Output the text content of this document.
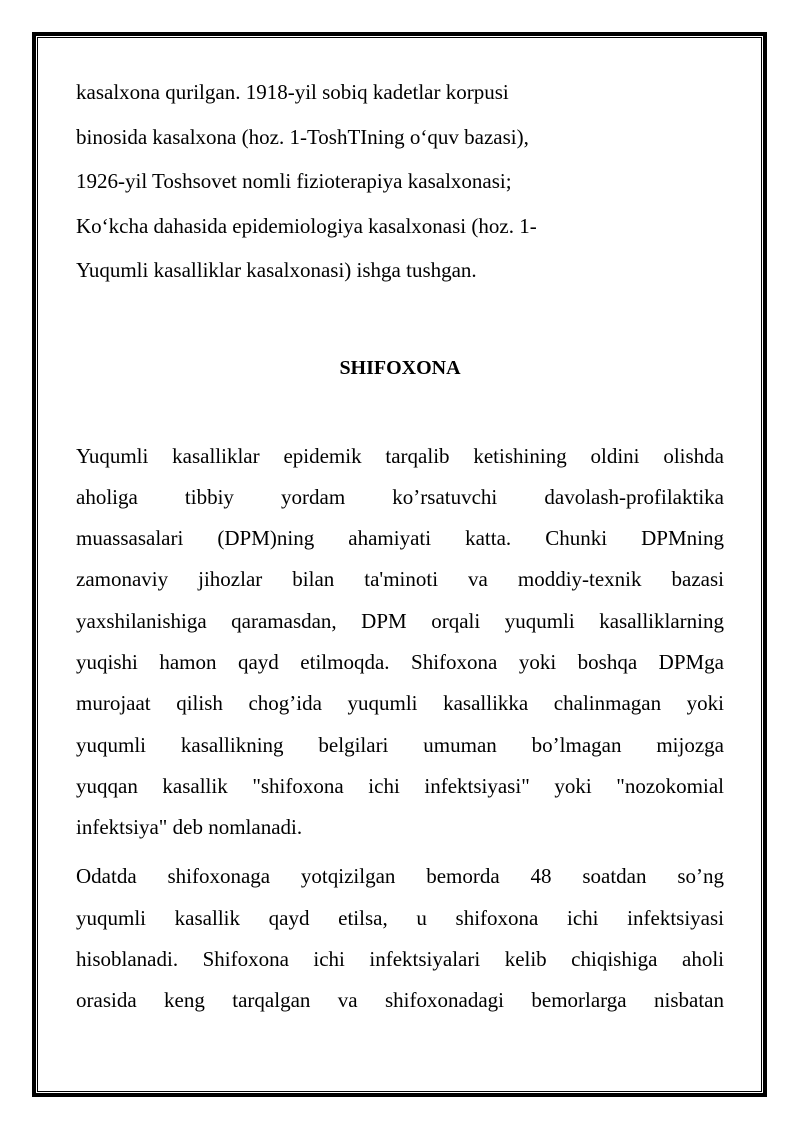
kasalxona qurilgan. 1918-yil sobiq kadetlar korpusi

binosida kasalxona (hoz. 1-ToshTIning o‘quv bazasi),

1926-yil Toshsovet nomli fizioterapiya kasalxonasi;

Ko‘kcha dahasida epidemiologiya kasalxonasi (hoz. 1-

Yuqumli kasalliklar kasalxonasi) ishga tushgan.

SHIFOXONA

Yuqumli kasalliklar epidemik tarqalib ketishining oldini olishda
aholiga tibbiy yordam ko’rsatuvchi davolash-profilaktika
muassasalari (DPM)ning ahamiyati katta. Chunki DPMning
zamonaviy jihozlar bilan ta'minoti va moddiy-texnik bazasi
yaxshilanishiga qaramasdan, DPM orqali yuqumli kasalliklarning
yuqishi hamon qayd etilmoqda. Shifoxona yoki boshqa DPMga
murojaat qilish chog’ida yuqumli kasallikka chalinmagan yoki
yuqumli kasallikning belgilari umuman bo’lmagan mijozga
yuqqan kasallik "shifoxona ichi infektsiyasi" yoki "nozokomial
infektsiya" deb nomlanadi.

Odatda shifoxonaga yotqizilgan bemorda 48 soatdan so’ng
yuqumli kasallik qayd etilsa, u shifoxona ichi infektsiyasi
hisoblanadi. Shifoxona ichi infektsiyalari kelib chiqishiga aholi
orasida keng tarqalgan va shifoxonadagi bemorlarga nisbatan
